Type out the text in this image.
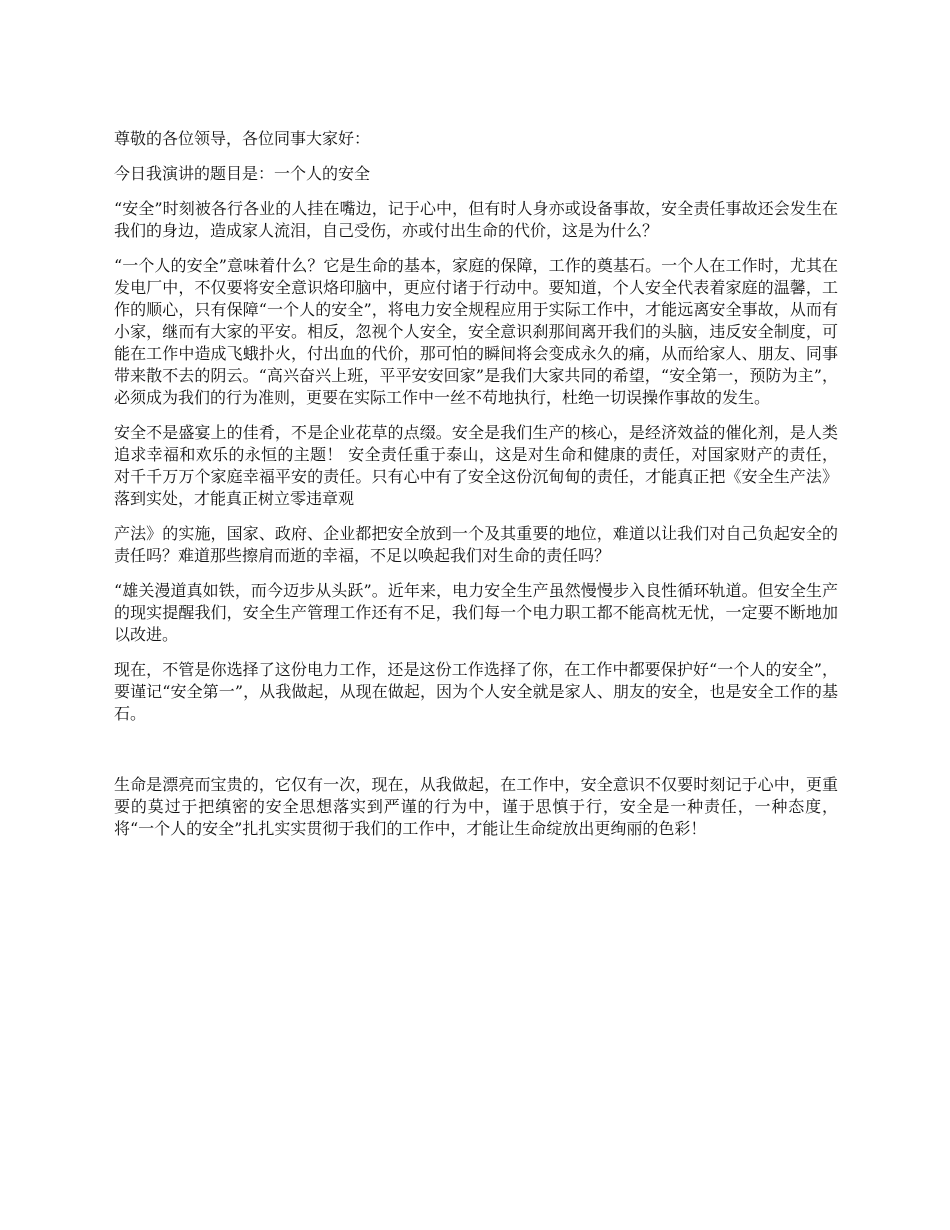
尊敬的各位领导，各位同事大家好：

今日我演讲的题目是：一个人的安全

“安全”时刻被各行各业的人挂在嘴边，记于心中，但有时人身亦或设备事故，安全责任事故还会发生在我们的身边，造成家人流泪，自己受伤，亦或付出生命的代价，这是为什么？

“一个人的安全”意味着什么？它是生命的基本，家庭的保障，工作的奠基石。一个人在工作时，尤其在发电厂中，不仅要将安全意识烙印脑中，更应付诸于行动中。要知道，个人安全代表着家庭的温馨，工作的顺心，只有保障“一个人的安全”，将电力安全规程应用于实际工作中，才能远离安全事故，从而有小家，继而有大家的平安。相反，忽视个人安全，安全意识刹那间离开我们的头脑，违反安全制度，可能在工作中造成飞蛾扑火，付出血的代价，那可怕的瞬间将会变成永久的痛，从而给家人、朋友、同事带来散不去的阴云。“高兴奋兴上班，平平安安回家”是我们大家共同的希望，“安全第一，预防为主”，必须成为我们的行为准则，更要在实际工作中一丝不苟地执行，杜绝一切误操作事故的发生。

安全不是盛宴上的佳肴，不是企业花草的点缀。安全是我们生产的核心，是经济效益的催化剂，是人类追求幸福和欢乐的永恒的主题！ 安全责任重于泰山，这是对生命和健康的责任，对国家财产的责任，对千千万万个家庭幸福平安的责任。只有心中有了安全这份沉甸甸的责任，才能真正把《安全生产法》落到实处，才能真正树立零违章观

产法》的实施，国家、政府、企业都把安全放到一个及其重要的地位，难道以让我们对自己负起安全的责任吗？难道那些擦肩而逝的幸福，不足以唤起我们对生命的责任吗？

“雄关漫道真如铁，而今迈步从头跃”。近年来，电力安全生产虽然慢慢步入良性循环轨道。但安全生产的现实提醒我们，安全生产管理工作还有不足，我们每一个电力职工都不能高枕无忧，一定要不断地加以改进。

现在，不管是你选择了这份电力工作，还是这份工作选择了你，在工作中都要保护好“一个人的安全”，要谨记“安全第一”，从我做起，从现在做起，因为个人安全就是家人、朋友的安全，也是安全工作的基石。

生命是漂亮而宝贵的，它仅有一次，现在，从我做起，在工作中，安全意识不仅要时刻记于心中，更重要的莫过于把缜密的安全思想落实到严谨的行为中，谨于思慎于行，安全是一种责任，一种态度，将“一个人的安全”扎扎实实贯彻于我们的工作中，才能让生命绽放出更绚丽的色彩！
